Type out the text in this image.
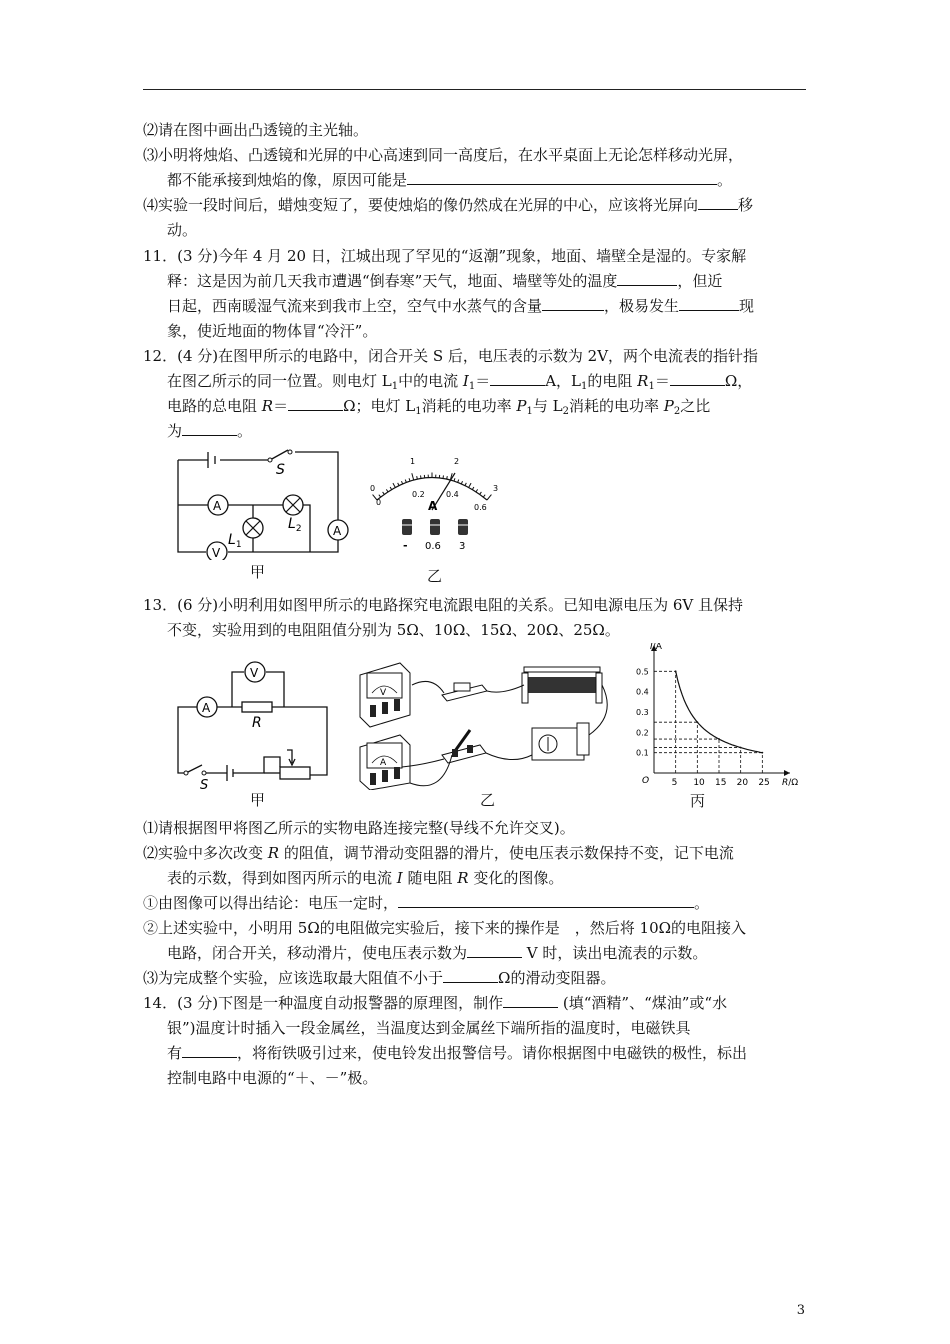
⑵请在图中画出凸透镜的主光轴。
⑶小明将烛焰、凸透镜和光屏的中心高速到同一高度后，在水平桌面上无论怎样移动光屏，
都不能承接到烛焰的像，原因可能是	。
⑷实验一段时间后，蜡烛变短了，要使烛焰的像仍然成在光屏的中心，应该将光屏向	移
动。
11．(3 分)今年 4 月 20 日，江城出现了罕见的“返潮”现象，地面、墙壁全是湿的。专家解
释：这是因为前几天我市遭遇“倒春寒”天气，地面、墙壁等处的温度	，但近
日起，西南暖湿气流来到我市上空，空气中水蒸气的含量	，极易发生	现
象，使近地面的物体冒“冷汗”。
12．(4 分)在图甲所示的电路中，闭合开关 S 后，电压表的示数为 2V，两个电流表的指针指
在图乙所示的同一位置。则电灯 $L_1$中的电流 $I_1=$	A，$L_1$的电阻 $R_1=$	Ω，
电路的总电阻 R＝	Ω；电灯 $L_1$消耗的电功率 $P_1$与 $L_2$消耗的电功率 $P_2$之比
为	。
S
A
$L_2$
$L_1$
A
V
甲
0
1	2
3
0
0.2	0.4
0.6
A
- 0.6 3
乙
13．(6 分)小明利用如图甲所示的电路探究电流跟电阻的关系。已知电源电压为 6V 且保持
不变，实验用到的电阻阻值分别为 5Ω、10Ω、15Ω、20Ω、25Ω。
V
A
R
S
甲
V
A
乙
5 10 15 20 25
0.1
0.2
0.3
0.4
0.5
O
I/A
R/Ω
丙
⑴请根据图甲将图乙所示的实物电路连接完整(导线不允许交叉)。
⑵实验中多次改变 R 的阻值，调节滑动变阻器的滑片，使电压表示数保持不变，记下电流
表的示数，得到如图丙所示的电流 I 随电阻 R 变化的图像。
①由图像可以得出结论：电压一定时，	。
②上述实验中，小明用 5Ω的电阻做完实验后，接下来的操作是　，然后将 10Ω的电阻接入
电路，闭合开关，移动滑片，使电压表示数为	V 时，读出电流表的示数。
⑶为完成整个实验，应该选取最大阻值不小于	Ω的滑动变阻器。
14．(3 分)下图是一种温度自动报警器的原理图，制作	(填“酒精”、“煤油”或“水
银”)温度计时插入一段金属丝，当温度达到金属丝下端所指的温度时，电磁铁具
有	，将衔铁吸引过来，使电铃发出报警信号。请你根据图中电磁铁的极性，标出
控制电路中电源的“＋、－”极。
3
